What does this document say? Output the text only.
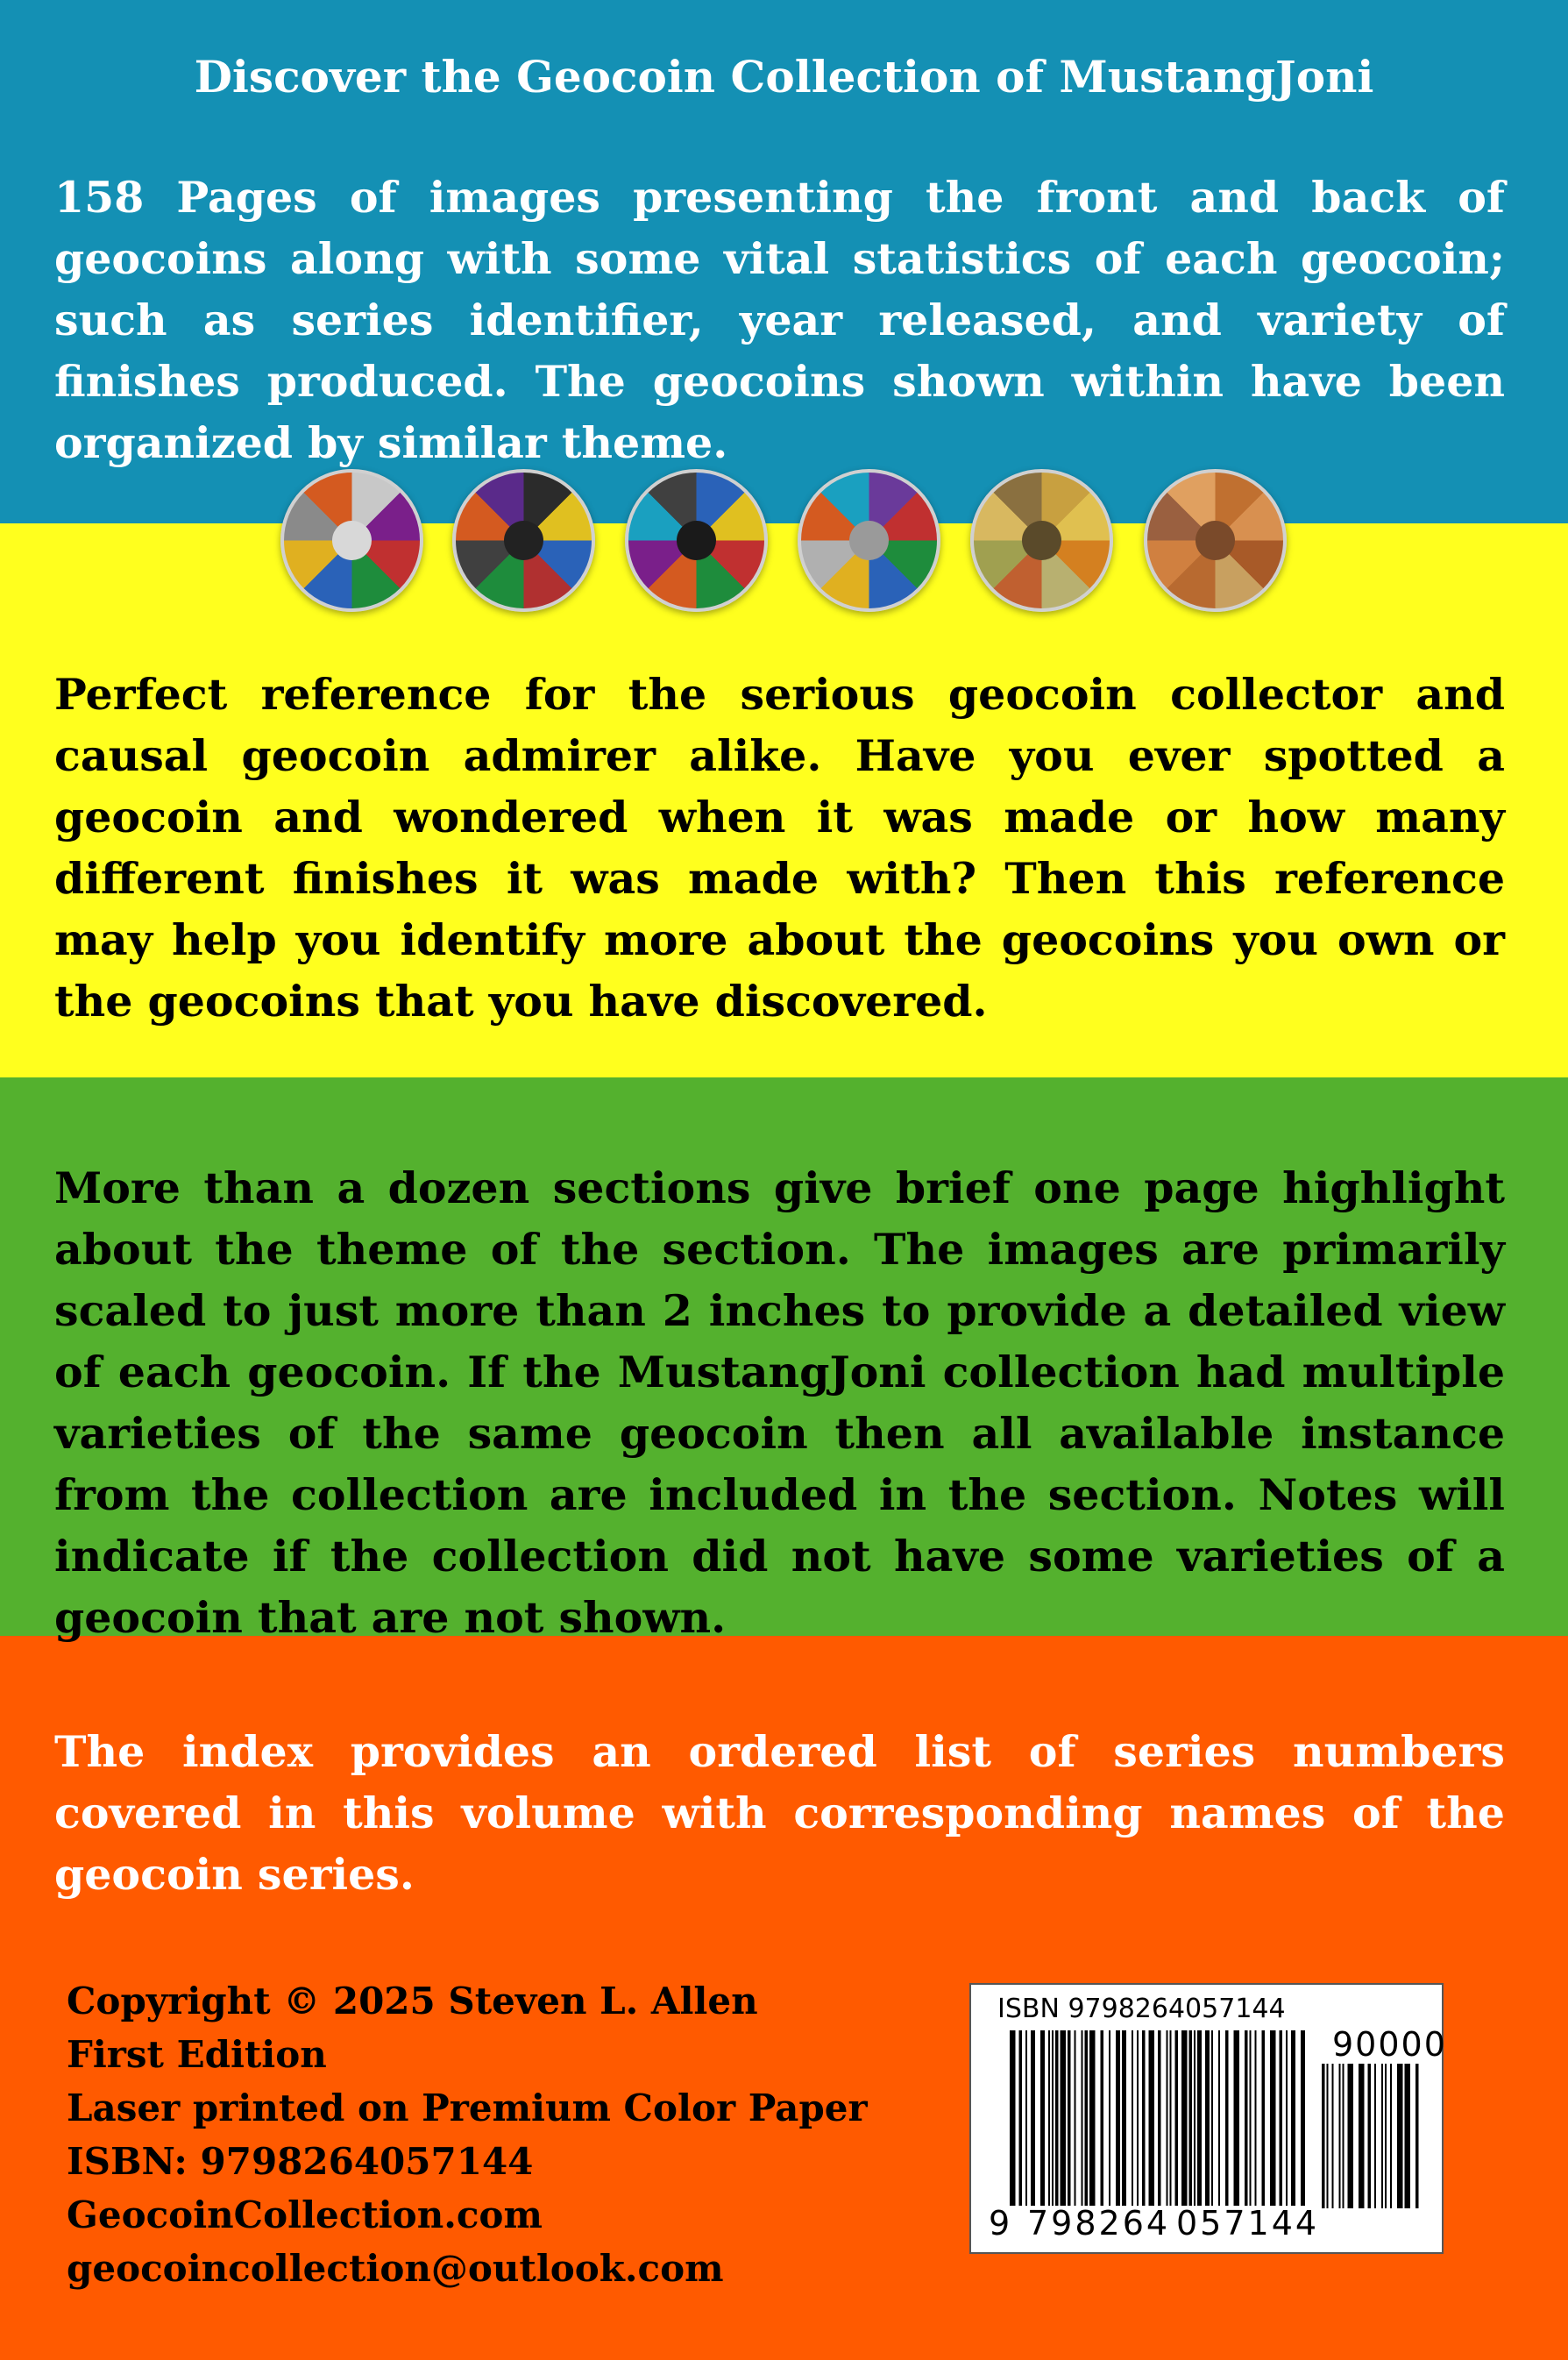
Discover the Geocoin Collection of MustangJoni
158 Pages of images presenting the front and back of geocoins along with some vital statistics of each geocoin; such as series identifier, year released, and variety of finishes produced. The geocoins shown within have been organized by similar theme.
Perfect reference for the serious geocoin collector and causal geocoin admirer alike. Have you ever spotted a geocoin and wondered when it was made or how many different finishes it was made with? Then this reference may help you identify more about the geocoins you own or the geocoins that you have discovered.
More than a dozen sections give brief one page highlight about the theme of the section. The images are primarily scaled to just more than 2 inches to provide a detailed view of each geocoin. If the MustangJoni collection had multiple varieties of the same geocoin then all available instance from the collection are included in the section. Notes will indicate if the collection did not have some varieties of a geocoin that are not shown.
The index provides an ordered list of series numbers covered in this volume with corresponding names of the geocoin series.
Copyright © 2025 Steven L. Allen
First Edition
Laser printed on Premium Color Paper
ISBN: 9798264057144
GeocoinCollection.com
geocoincollection@outlook.com
ISBN 9798264057144
90000
9 798264 057144
